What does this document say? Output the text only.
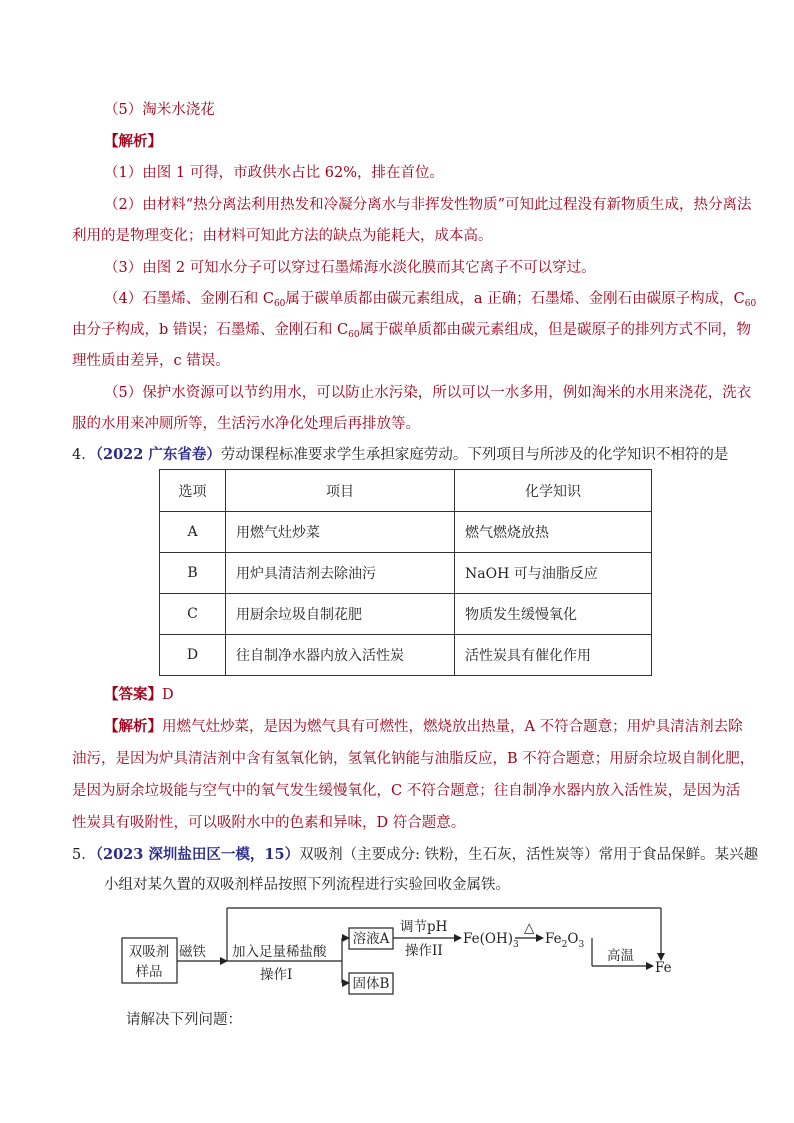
（5）淘米水浇花
【解析】
（1）由图 1 可得，市政供水占比 62%，排在首位。
（2）由材料“热分离法利用热发和冷凝分离水与非挥发性物质”可知此过程没有新物质生成，热分离法
利用的是物理变化；由材料可知此方法的缺点为能耗大，成本高。
（3）由图 2 可知水分子可以穿过石墨烯海水淡化膜而其它离子不可以穿过。
（4）石墨烯、金刚石和 $C_{60}$属于碳单质都由碳元素组成，a 正确；石墨烯、金刚石由碳原子构成，$C_{60}$
由分子构成，b 错误；石墨烯、金刚石和 $C_{60}$属于碳单质都由碳元素组成，但是碳原子的排列方式不同，物
理性质由差异，c 错误。
（5）保护水资源可以节约用水，可以防止水污染，所以可以一水多用，例如淘米的水用来浇花，洗衣
服的水用来冲厕所等，生活污水净化处理后再排放等。
4．（2022 广东省卷）劳动课程标准要求学生承担家庭劳动。下列项目与所涉及的化学知识不相符的是
选项	项目	化学知识
A	用燃气灶炒菜	燃气燃烧放热
B	用炉具清洁剂去除油污	NaOH 可与油脂反应
C	用厨余垃圾自制花肥	物质发生缓慢氧化
D	往自制净水器内放入活性炭	活性炭具有催化作用
【答案】D
【解析】用燃气灶炒菜，是因为燃气具有可燃性，燃烧放出热量，A 不符合题意；用炉具清洁剂去除
油污，是因为炉具清洁剂中含有氢氧化钠，氢氧化钠能与油脂反应，B 不符合题意；用厨余垃圾自制化肥，
是因为厨余垃圾能与空气中的氧气发生缓慢氧化，C 不符合题意；往自制净水器内放入活性炭，是因为活
性炭具有吸附性，可以吸附水中的色素和异味，D 符合题意。
5．（2023 深圳盐田区一模，15）双吸剂（主要成分: 铁粉，生石灰，活性炭等）常用于食品保鲜。某兴趣
小组对某久置的双吸剂样品按照下列流程进行实验回收金属铁。
双吸剂
样品
磁铁 加入足量稀盐酸
操作I
溶液A
固体B
调节pH
操作II
$Fe(OH)_3$
△
$Fe_2O_3$
高温
Fe
请解决下列问题：
